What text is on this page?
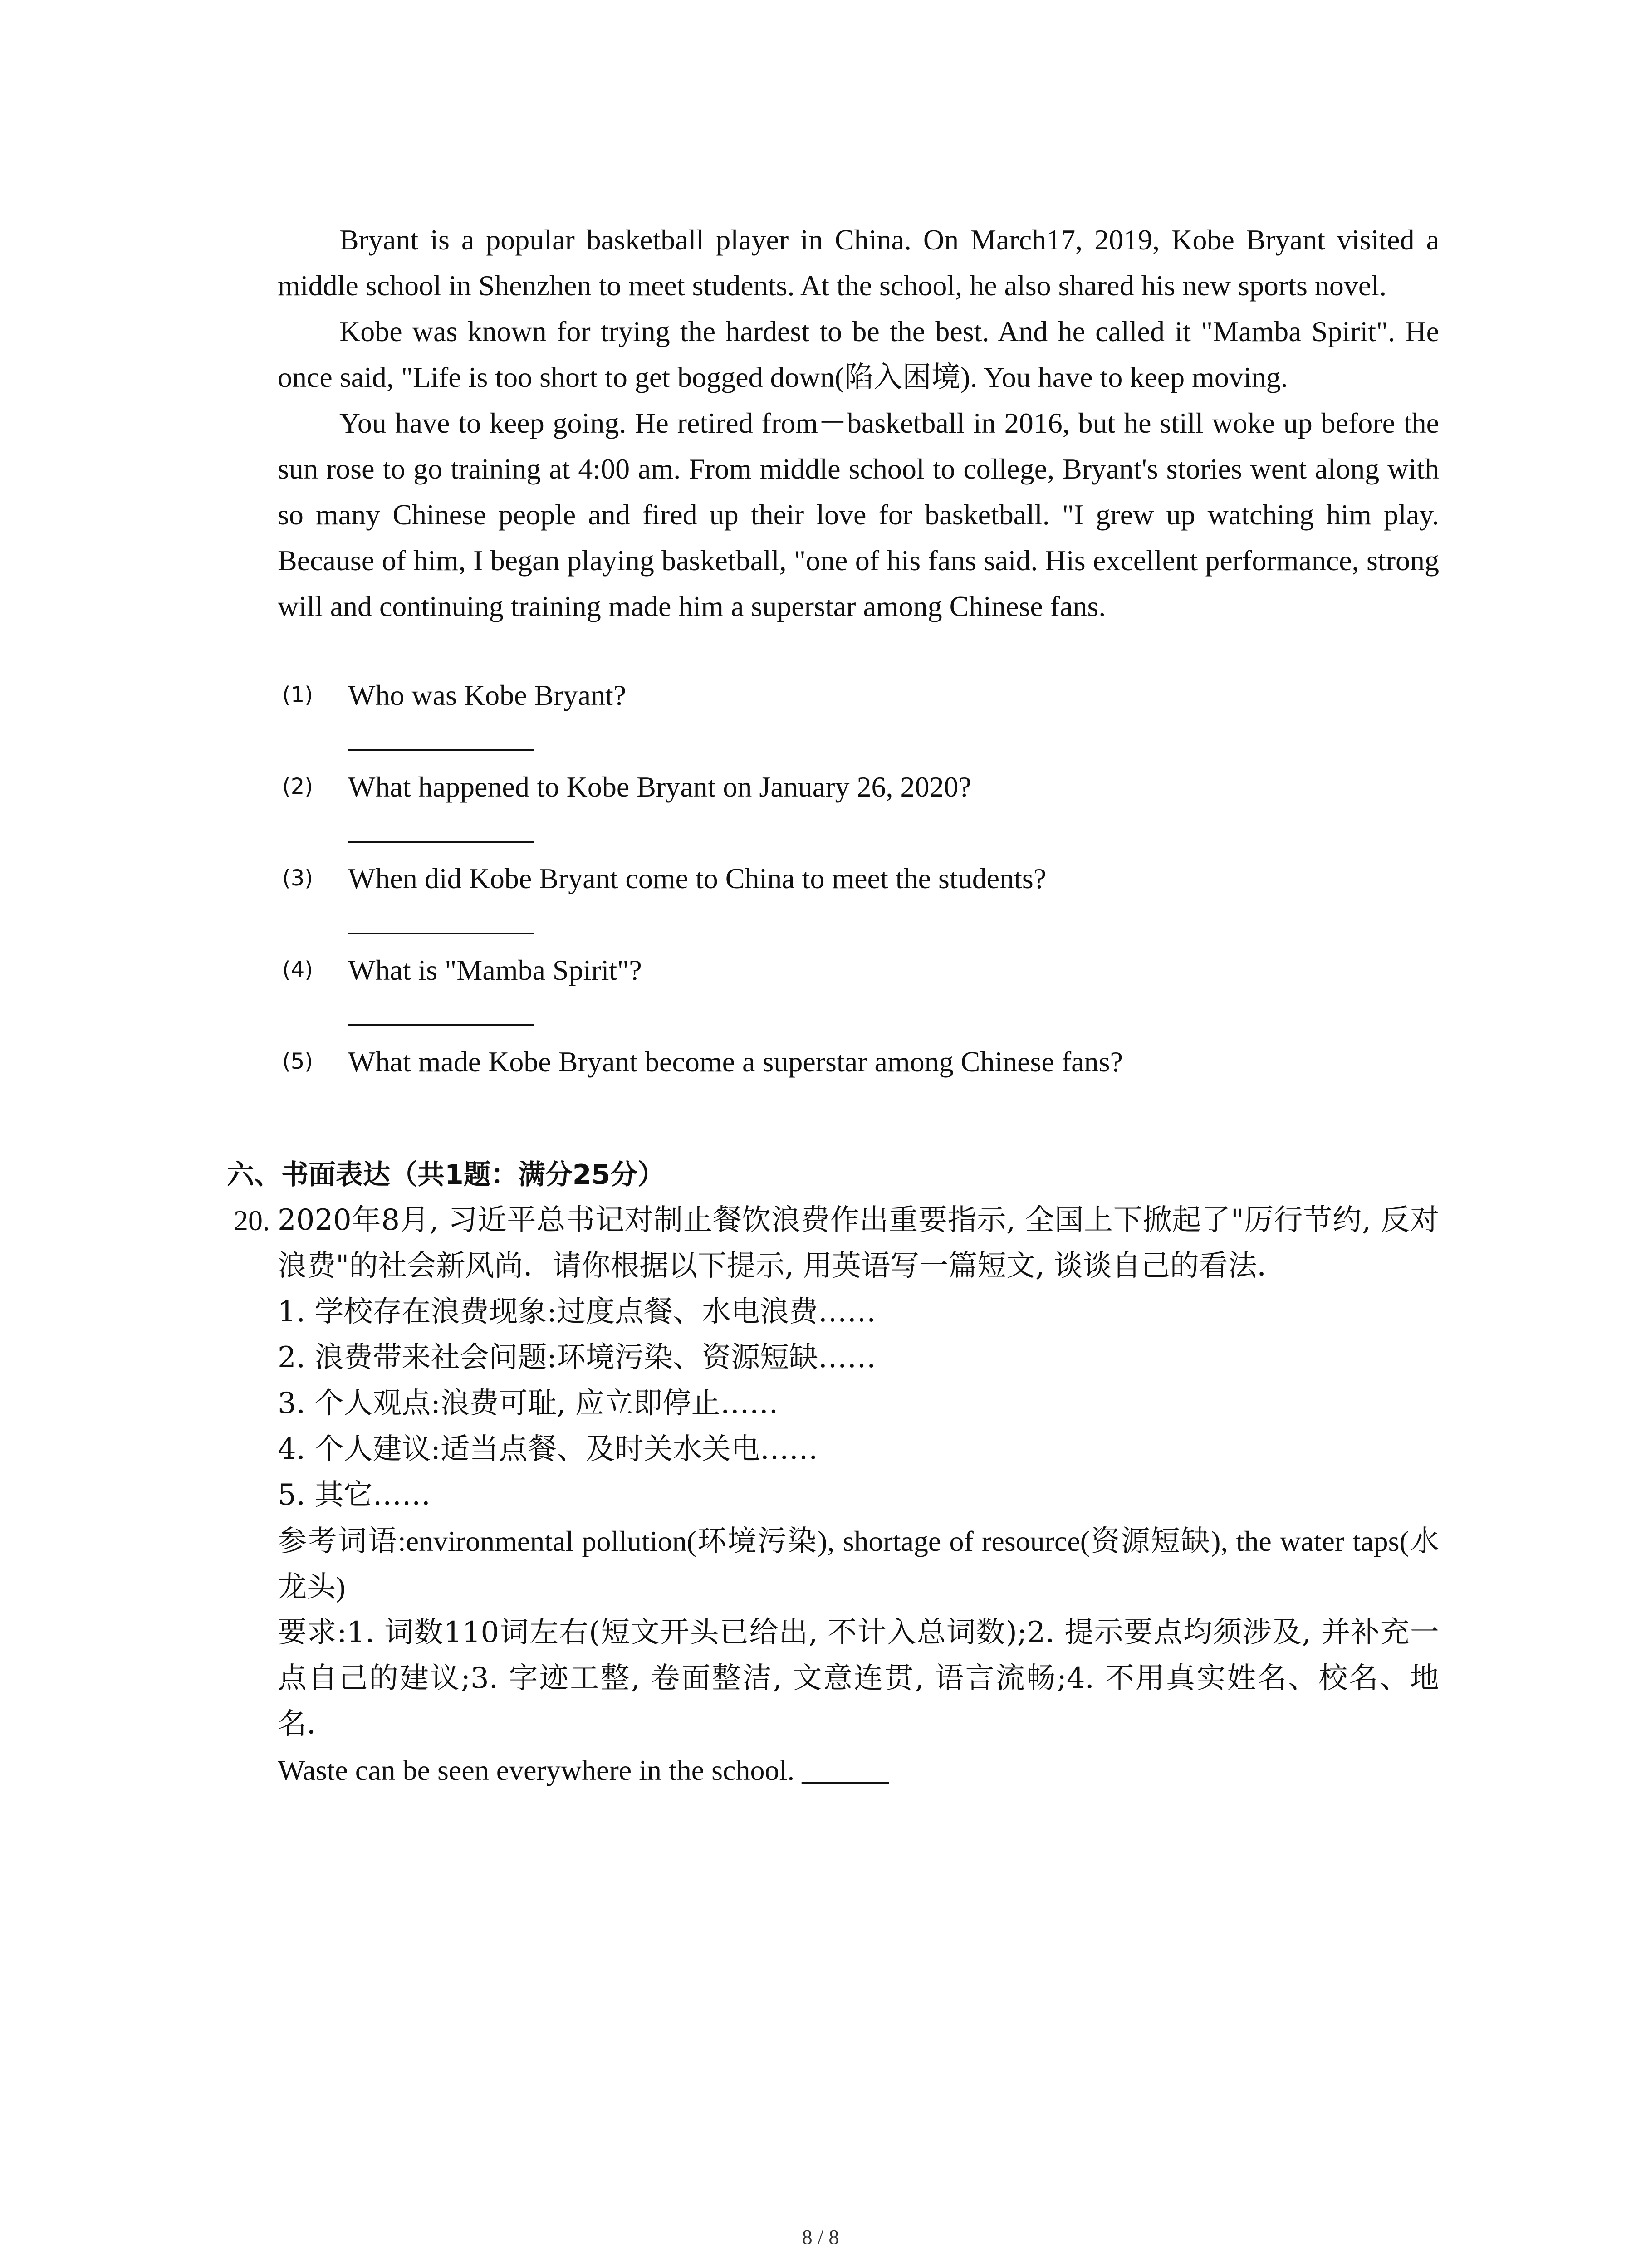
Bryant is a popular basketball player in China. On March17, 2019, Kobe Bryant visited a middle school in Shenzhen to meet students. At the school, he also shared his new sports novel.

Kobe was known for trying the hardest to be the best. And he called it "Mamba Spirit". He once said, "Life is too short to get bogged down(陷入困境). You have to keep moving.

You have to keep going. He retired from－basketball in 2016, but he still woke up before the sun rose to go training at 4:00 am. From middle school to college, Bryant's stories went along with so many Chinese people and fired up their love for basketball. "I grew up watching him play. Because of him, I began playing basketball, "one of his fans said. His excellent performance, strong will and continuing training made him a superstar among Chinese fans.

(1) Who was Kobe Bryant?
(2) What happened to Kobe Bryant on January 26, 2020?
(3) When did Kobe Bryant come to China to meet the students?
(4) What is "Mamba Spirit"?
(5) What made Kobe Bryant become a superstar among Chinese fans?
六、书面表达（共1题：满分25分）
20. 2020年8月, 习近平总书记对制止餐饮浪费作出重要指示, 全国上下掀起了"厉行节约, 反对浪费"的社会新风尚．请你根据以下提示, 用英语写一篇短文, 谈谈自己的看法．

1. 学校存在浪费现象:过度点餐、水电浪费……

2. 浪费带来社会问题:环境污染、资源短缺……

3. 个人观点:浪费可耻, 应立即停止……

4. 个人建议:适当点餐、及时关水关电……

5. 其它……

参考词语:environmental pollution(环境污染), shortage of resource(资源短缺), the water taps(水龙头)

要求:1. 词数110词左右(短文开头已给出, 不计入总词数);2. 提示要点均须涉及, 并补充一点自己的建议;3. 字迹工整, 卷面整洁, 文意连贯, 语言流畅;4. 不用真实姓名、校名、地名．

Waste can be seen everywhere in the school. ______

8 / 8
